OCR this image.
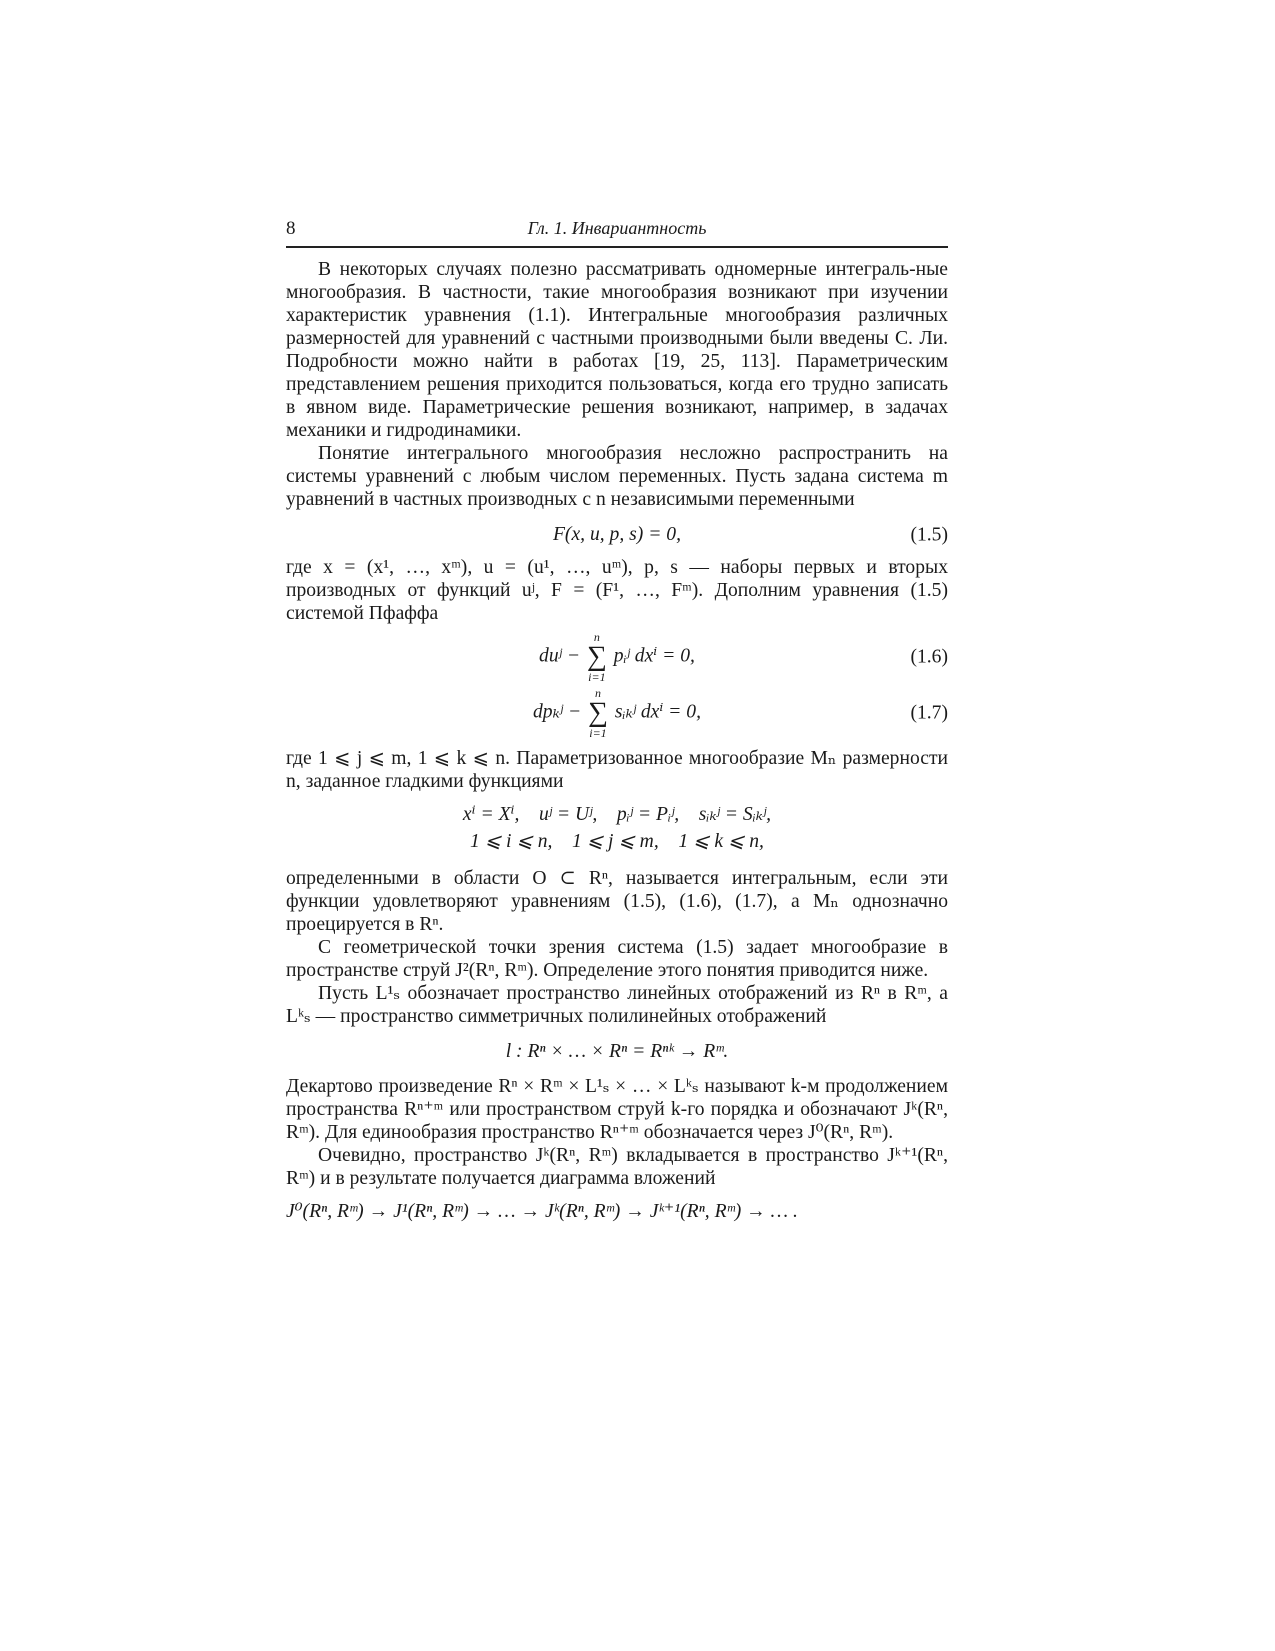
8	Гл. 1. Инвариантность

В некоторых случаях полезно рассматривать одномерные интеграль-ные многообразия. В частности, такие многообразия возникают при изучении характеристик уравнения (1.1). Интегральные многообразия различных размерностей для уравнений с частными производными были введены С. Ли. Подробности можно найти в работах [19, 25, 113]. Параметрическим представлением решения приходится пользоваться, когда его трудно записать в явном виде. Параметрические решения возникают, например, в задачах механики и гидродинамики.

Понятие интегрального многообразия несложно распространить на системы уравнений с любым числом переменных. Пусть задана система m уравнений в частных производных с n независимыми переменными

F(x, u, p, s) = 0,	(1.5)

где x = (x¹, …, xᵐ), u = (u¹, …, uᵐ), p, s — наборы первых и вторых производных от функций uʲ, F = (F¹, …, Fᵐ). Дополним уравнения (1.5) системой Пфаффа

duʲ −
n
∑
i=1
pᵢʲ dxⁱ = 0,	(1.6)
dpₖʲ −
n
∑
i=1
sᵢₖʲ dxⁱ = 0,	(1.7)

где 1 ⩽ j ⩽ m, 1 ⩽ k ⩽ n. Параметризованное многообразие Mₙ размерности n, заданное гладкими функциями

xⁱ = Xⁱ,    uʲ = Uʲ,    pᵢʲ = Pᵢʲ,    sᵢₖʲ = Sᵢₖʲ,
1 ⩽ i ⩽ n,    1 ⩽ j ⩽ m,    1 ⩽ k ⩽ n,

определенными в области O ⊂ Rⁿ, называется интегральным, если эти функции удовлетворяют уравнениям (1.5), (1.6), (1.7), а Mₙ однозначно проецируется в Rⁿ.

С геометрической точки зрения система (1.5) задает многообразие в пространстве струй J²(Rⁿ, Rᵐ). Определение этого понятия приводится ниже.

Пусть L¹ₛ обозначает пространство линейных отображений из Rⁿ в Rᵐ, а Lᵏₛ — пространство симметричных полилинейных отображений

l : Rⁿ × … × Rⁿ = Rⁿᵏ → Rᵐ.

Декартово произведение Rⁿ × Rᵐ × L¹ₛ × … × Lᵏₛ называют k-м продолжением пространства Rⁿ⁺ᵐ или пространством струй k-го порядка и обозначают Jᵏ(Rⁿ, Rᵐ). Для единообразия пространство Rⁿ⁺ᵐ обозначается через J⁰(Rⁿ, Rᵐ).

Очевидно, пространство Jᵏ(Rⁿ, Rᵐ) вкладывается в пространство Jᵏ⁺¹(Rⁿ, Rᵐ) и в результате получается диаграмма вложений

J⁰(Rⁿ, Rᵐ) → J¹(Rⁿ, Rᵐ) → … → Jᵏ(Rⁿ, Rᵐ) → Jᵏ⁺¹(Rⁿ, Rᵐ) → … .
